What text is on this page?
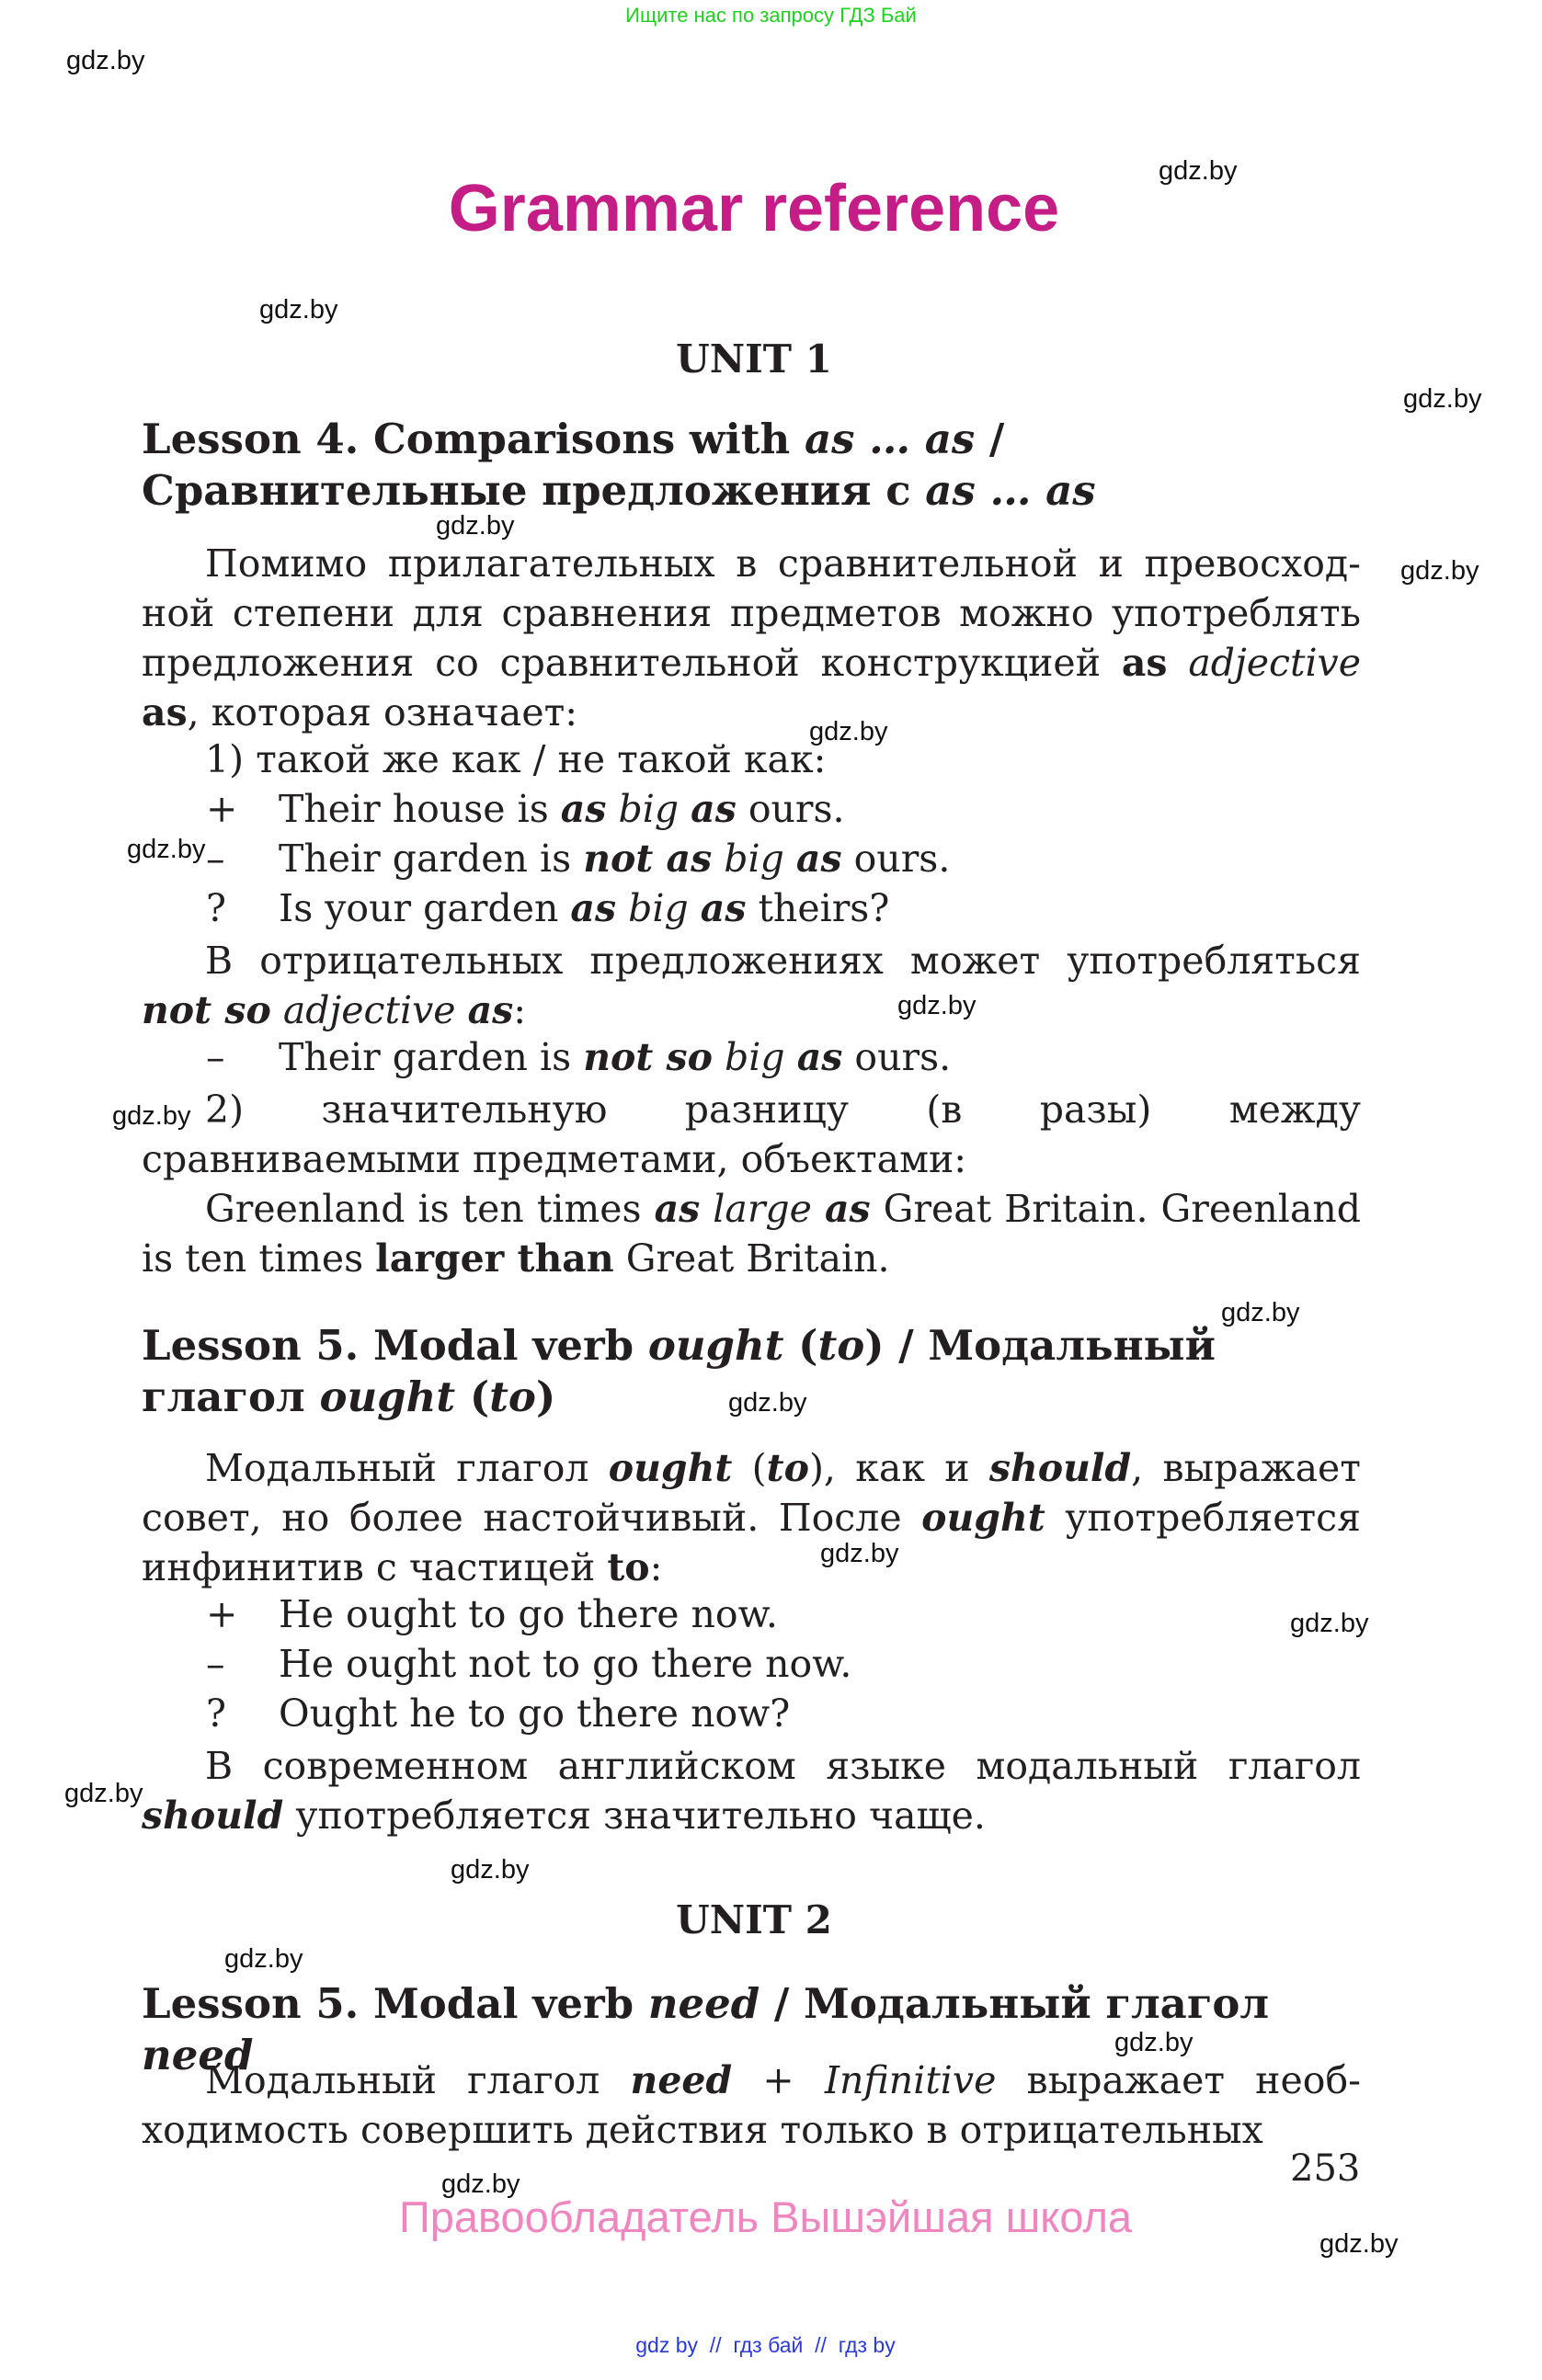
Ищите нас по запросу ГДЗ Бай
gdz.by
gdz.by
gdz.by
gdz.by
gdz.by
gdz.by
gdz.by
gdz.by
gdz.by
gdz.by
gdz.by
gdz.by
gdz.by
gdz.by
gdz.by
gdz.by
gdz.by
gdz.by
gdz.by
gdz.by
Grammar reference
UNIT 1
Lesson 4. Comparisons with as … as /
Сравнительные предложения с as … as
Помимо прилагательных в сравнительной и превосходной степени для сравнения предметов можно употреблять предложения со сравнительной конструкцией as adjective as, которая означает:
1) такой же как / не такой как:
+ Their house is as big as ours.
– Their garden is not as big as ours.
? Is your garden as big as theirs?
В отрицательных предложениях может употребляться not so adjective as:
– Their garden is not so big as ours.
2) значительную разницу (в разы) между сравниваемыми предметами, объектами:
Greenland is ten times as large as Great Britain. Greenland is ten times larger than Great Britain.
Lesson 5. Modal verb ought (to) / Модальный
глагол ought (to)
Модальный глагол ought (to), как и should, выражает совет, но более настойчивый. После ought употребляется инфинитив с частицей to:
+ He ought to go there now.
– He ought not to go there now.
? Ought he to go there now?
В современном английском языке модальный глагол should употребляется значительно чаще.
UNIT 2
Lesson 5. Modal verb need / Модальный глагол need
Модальный глагол need + Infinitive выражает необходимость совершить действия только в отрицательных
253
Правообладатель Вышэйшая школа
gdz by  //  гдз бай  //  гдз by
